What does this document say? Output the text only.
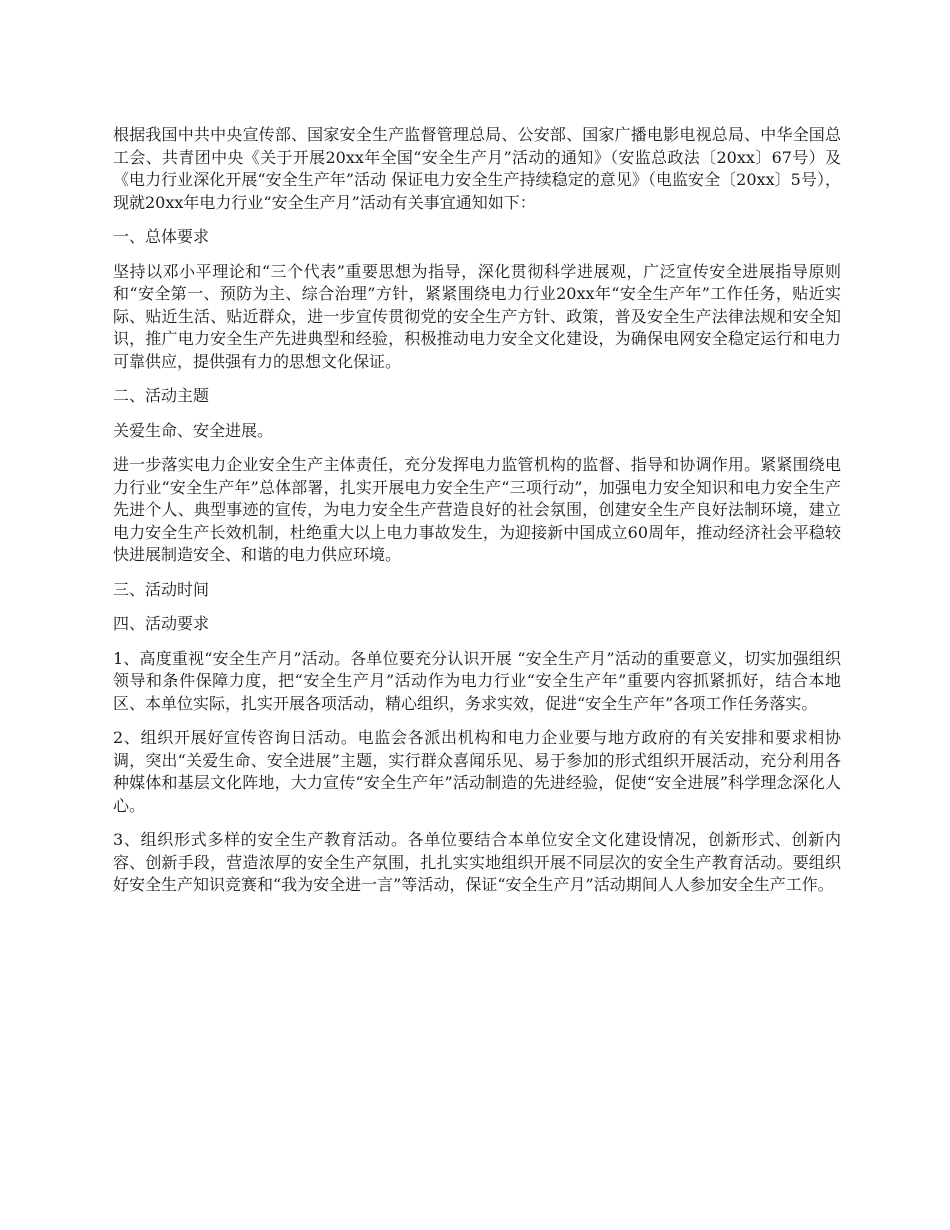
根据我国中共中央宣传部、国家安全生产监督管理总局、公安部、国家广播电影电视总局、中华全国总工会、共青团中央《关于开展20xx年全国“安全生产月”活动的通知》（安监总政法〔20xx〕67号）及《电力行业深化开展“安全生产年”活动 保证电力安全生产持续稳定的意见》（电监安全〔20xx〕5号），现就20xx年电力行业“安全生产月”活动有关事宜通知如下：

一、总体要求

坚持以邓小平理论和“三个代表”重要思想为指导，深化贯彻科学进展观，广泛宣传安全进展指导原则和“安全第一、预防为主、综合治理”方针，紧紧围绕电力行业20xx年“安全生产年”工作任务，贴近实际、贴近生活、贴近群众，进一步宣传贯彻党的安全生产方针、政策，普及安全生产法律法规和安全知识，推广电力安全生产先进典型和经验，积极推动电力安全文化建设，为确保电网安全稳定运行和电力可靠供应，提供强有力的思想文化保证。

二、活动主题

关爱生命、安全进展。

进一步落实电力企业安全生产主体责任，充分发挥电力监管机构的监督、指导和协调作用。紧紧围绕电力行业“安全生产年”总体部署，扎实开展电力安全生产“三项行动”，加强电力安全知识和电力安全生产先进个人、典型事迹的宣传，为电力安全生产营造良好的社会氛围，创建安全生产良好法制环境，建立电力安全生产长效机制，杜绝重大以上电力事故发生，为迎接新中国成立60周年，推动经济社会平稳较快进展制造安全、和谐的电力供应环境。

三、活动时间

四、活动要求

1、高度重视“安全生产月”活动。各单位要充分认识开展 “安全生产月”活动的重要意义，切实加强组织领导和条件保障力度，把“安全生产月”活动作为电力行业“安全生产年”重要内容抓紧抓好，结合本地区、本单位实际，扎实开展各项活动，精心组织，务求实效，促进“安全生产年”各项工作任务落实。

2、组织开展好宣传咨询日活动。电监会各派出机构和电力企业要与地方政府的有关安排和要求相协调，突出“关爱生命、安全进展”主题，实行群众喜闻乐见、易于参加的形式组织开展活动，充分利用各种媒体和基层文化阵地，大力宣传“安全生产年”活动制造的先进经验，促使“安全进展”科学理念深化人心。

3、组织形式多样的安全生产教育活动。各单位要结合本单位安全文化建设情况，创新形式、创新内容、创新手段，营造浓厚的安全生产氛围，扎扎实实地组织开展不同层次的安全生产教育活动。要组织好安全生产知识竞赛和“我为安全进一言”等活动，保证“安全生产月”活动期间人人参加安全生产工作。
